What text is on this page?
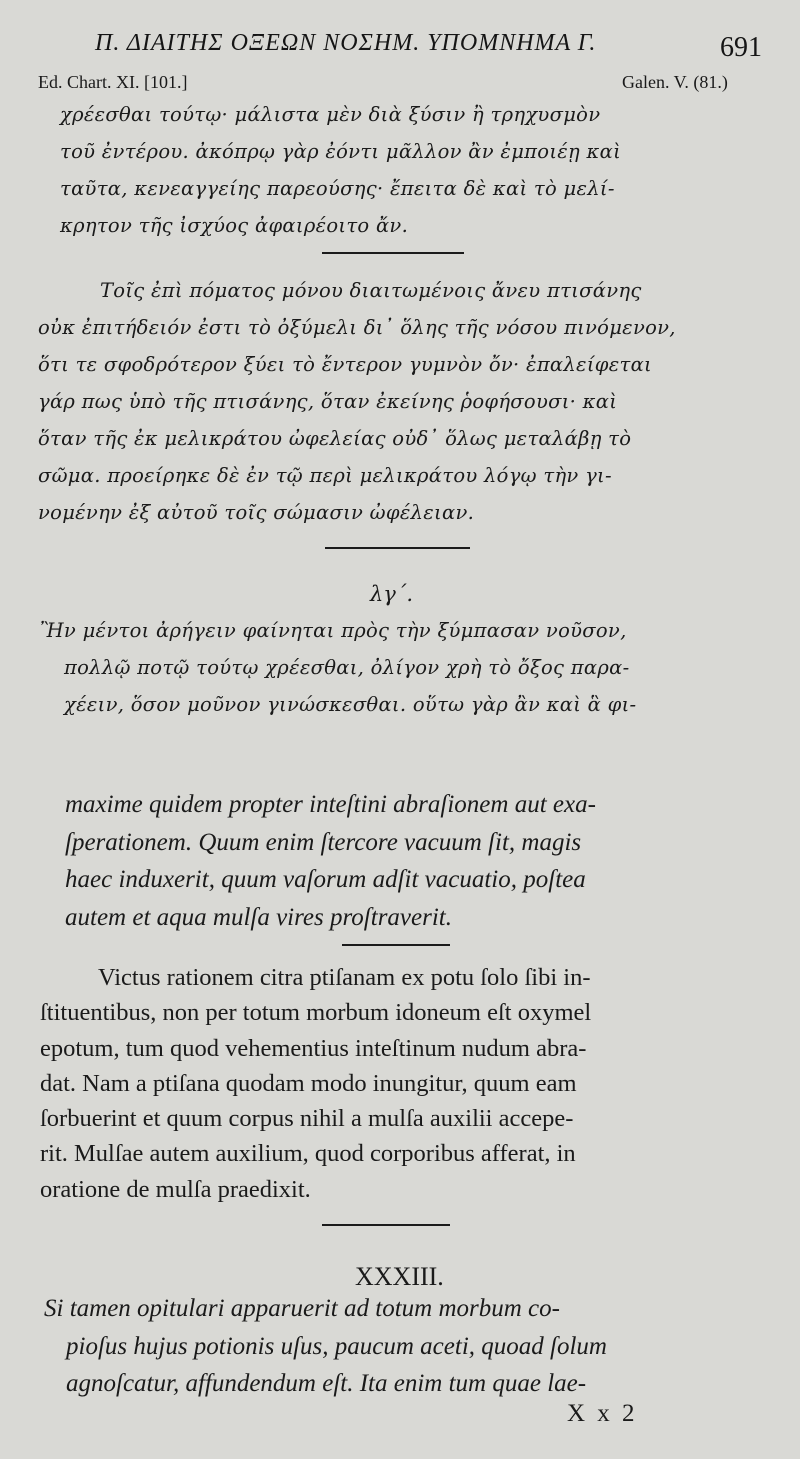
Π. ΔΙΑΙΤΗΣ ΟΞΕΩΝ ΝΟΣΗΜ. ΥΠΟΜΝΗΜΑ Γ.	691
Ed. Chart. XI. [101.]	Galen. V. (81.)
χρέεσθαι τούτῳ· μάλιστα μὲν διὰ ξύσιν ἢ τρηχυσμὸν
τοῦ ἐντέρου. ἀκόπρῳ γὰρ ἐόντι μᾶλλον ἂν ἐμποιέῃ καὶ
ταῦτα, κενεαγγείης παρεούσης· ἔπειτα δὲ καὶ τὸ μελί-
κρητον τῆς ἰσχύος ἀφαιρέοιτο ἄν.
Τοῖς ἐπὶ πόματος μόνου διαιτωμένοις ἄνευ πτισάνης
οὐκ ἐπιτήδειόν ἐστι τὸ ὀξύμελι δι᾽ ὅλης τῆς νόσου πινόμενον,
ὅτι τε σφοδρότερον ξύει τὸ ἔντερον γυμνὸν ὄν· ἐπαλείφεται
γάρ πως ὑπὸ τῆς πτισάνης, ὅταν ἐκείνης ῥοφήσουσι· καὶ
ὅταν τῆς ἐκ μελικράτου ὠφελείας οὐδ᾽ ὅλως μεταλάβῃ τὸ
σῶμα. προείρηκε δὲ ἐν τῷ περὶ μελικράτου λόγῳ τὴν γι-
νομένην ἐξ αὐτοῦ τοῖς σώμασιν ὠφέλειαν.
λγ΄.
Ἢν μέντοι ἀρήγειν φαίνηται πρὸς τὴν ξύμπασαν νοῦσον,
πολλῷ ποτῷ τούτῳ χρέεσθαι, ὀλίγον χρὴ τὸ ὄξος παρα-
χέειν, ὅσον μοῦνον γινώσκεσθαι. οὕτω γὰρ ἂν καὶ ἃ φι-
maxime quidem propter inteſtini abraſionem aut exa-
ſperationem. Quum enim ſtercore vacuum ſit, magis
haec induxerit, quum vaſorum adſit vacuatio, poſtea
autem et aqua mulſa vires proſtraverit.
Victus rationem citra ptiſanam ex potu ſolo ſibi in-
ſtituentibus, non per totum morbum idoneum eſt oxymel
epotum, tum quod vehementius inteſtinum nudum abra-
dat. Nam a ptiſana quodam modo inungitur, quum eam
ſorbuerint et quum corpus nihil a mulſa auxilii accepe-
rit. Mulſae autem auxilium, quod corporibus afferat, in
oratione de mulſa praedixit.
XXXIII.
Si tamen opitulari apparuerit ad totum morbum co-
pioſus hujus potionis uſus, paucum aceti, quoad ſolum
agnoſcatur, affundendum eſt. Ita enim tum quae lae-
X x 2
